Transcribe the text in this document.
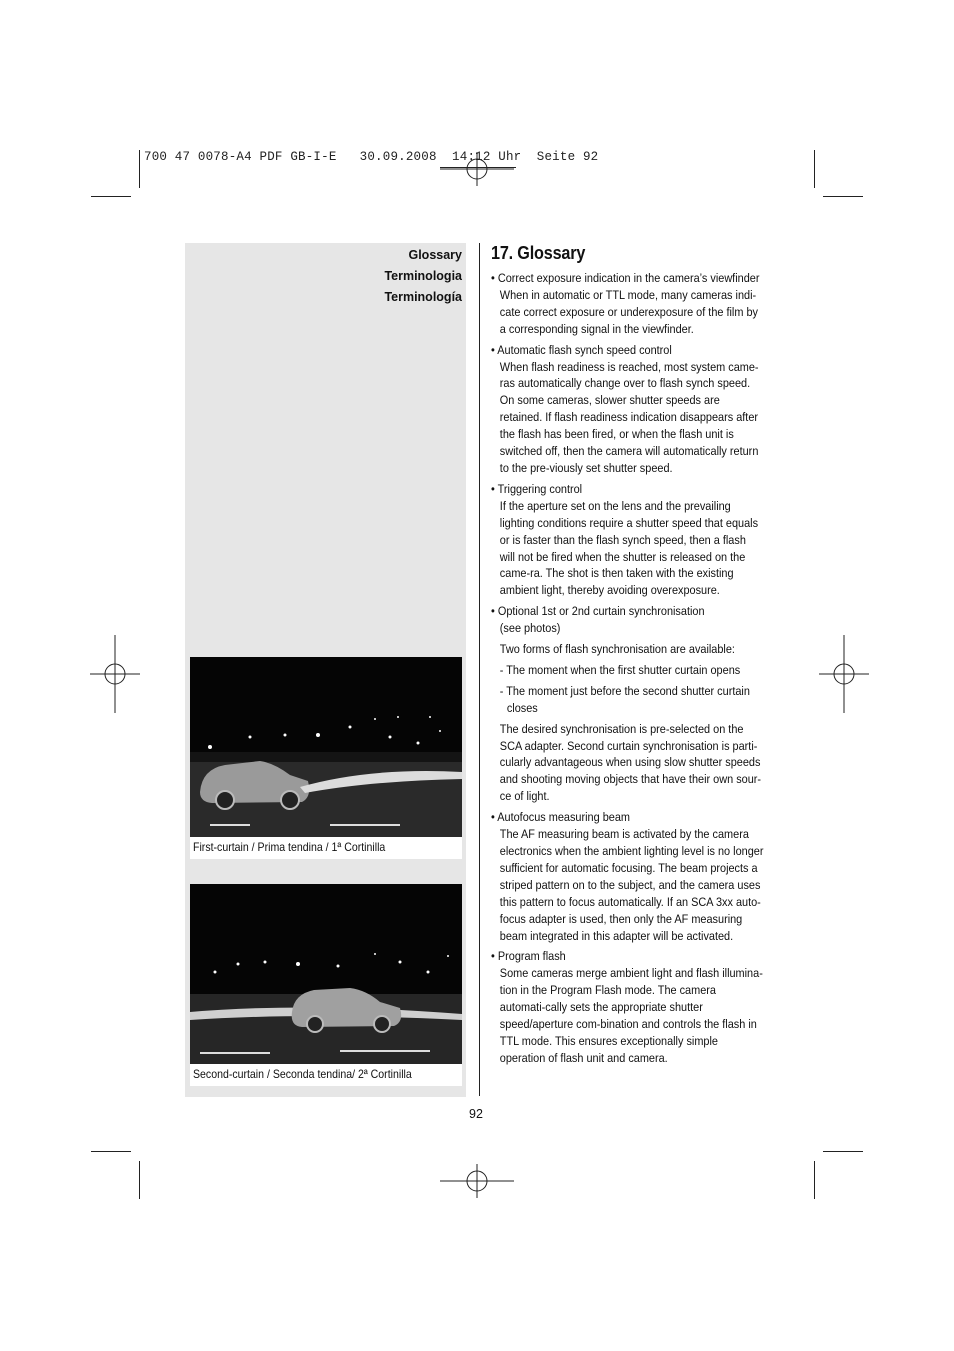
700 47 0078-A4 PDF GB-I-E   30.09.2008  14:12 Uhr  Seite 92
Glossary
Terminologia
Terminología
First-curtain / Prima tendina / 1ª Cortinilla
Second-curtain / Seconda tendina/ 2ª Cortinilla
17. Glossary
• Correct exposure indication in the camera’s viewfinder
When in automatic or TTL mode, many cameras indi-cate correct exposure or underexposure of the film by a corresponding signal in the viewfinder.
• Automatic flash synch speed control
When flash readiness is reached, most system came-ras automatically change over to flash synch speed. On some cameras, slower shutter speeds are retained. If flash readiness indication disappears after the flash has been fired, or when the flash unit is switched off, then the camera will automatically return to the pre-viously set shutter speed.
• Triggering control
If the aperture set on the lens and the prevailing lighting conditions require a shutter speed that equals or is faster than the flash synch speed, then a flash will not be fired when the shutter is released on the came-ra. The shot is then taken with the existing ambient light, thereby avoiding overexposure.
• Optional 1st or 2nd curtain synchronisation
(see photos)
Two forms of flash synchronisation are available:
- The moment when the first shutter curtain opens
- The moment just before the second shutter curtain closes
The desired synchronisation is pre-selected on the SCA adapter. Second curtain synchronisation is parti-cularly advantageous when using slow shutter speeds and shooting moving objects that have their own sour-ce of light.
• Autofocus measuring beam
The AF measuring beam is activated by the camera electronics when the ambient lighting level is no longer sufficient for automatic focusing. The beam projects a striped pattern on to the subject, and the camera uses this pattern to focus automatically. If an SCA 3xx auto-focus adapter is used, then only the AF measuring beam integrated in this adapter will be activated.
• Program flash
Some cameras merge ambient light and flash illumina-tion in the Program Flash mode. The camera automati-cally sets the appropriate shutter speed/aperture com-bination and controls the flash in TTL mode. This ensures exceptionally simple operation of flash unit and camera.
92
